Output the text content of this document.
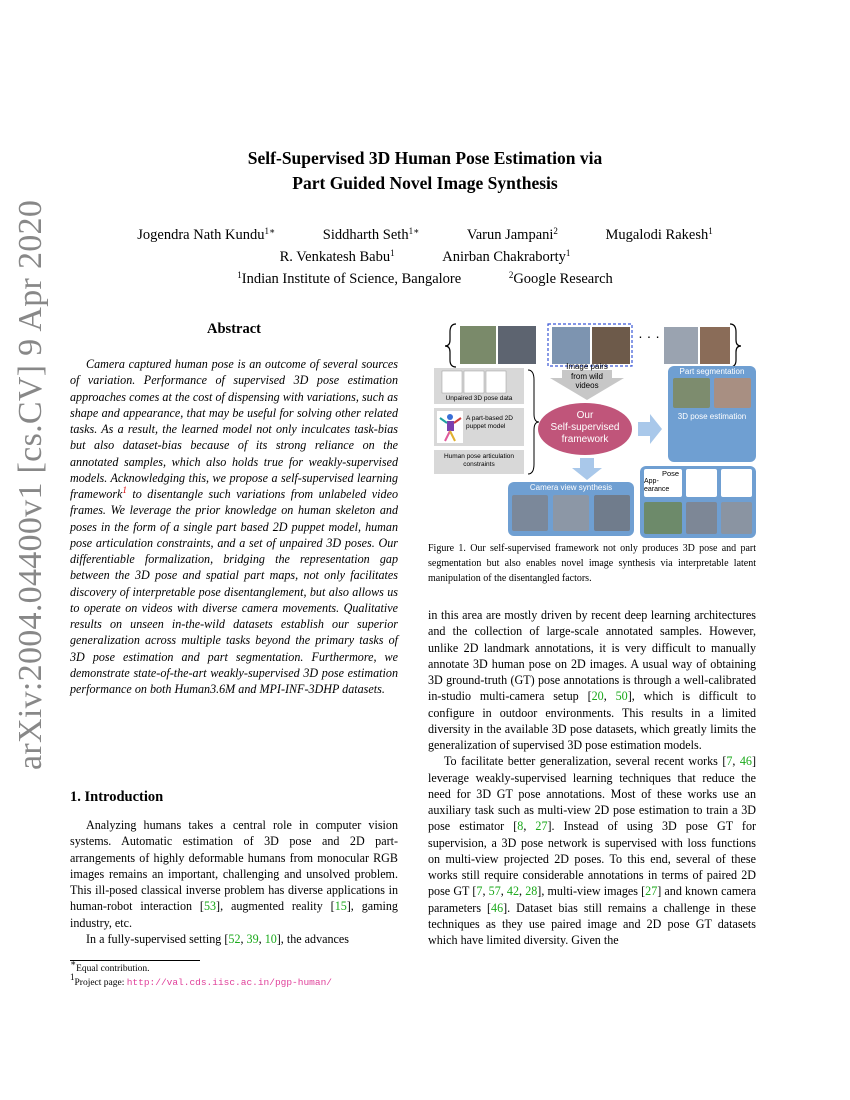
Self-Supervised 3D Human Pose Estimation via
Part Guided Novel Image Synthesis
Jogendra Nath Kundu$^{1∗}$	Siddharth Seth$^{1∗}$	Varun Jampani$^2$	Mugalodi Rakesh$^1$
R. Venkatesh Babu$^1$	Anirban Chakraborty$^1$
$^1$Indian Institute of Science, Bangalore	$^2$Google Research
arXiv:2004.04400v1 [cs.CV] 9 Apr 2020	Abstract

Camera captured human pose is an outcome of several sources of variation. Performance of supervised 3D pose estimation approaches comes at the cost of dispensing with variations, such as shape and appearance, that may be useful for solving other related tasks. As a result, the learned model not only inculcates task-bias but also dataset-bias because of its strong reliance on the annotated samples, which also holds true for weakly-supervised models. Acknowledging this, we propose a self-supervised learning framework$^1$ to disentangle such variations from unlabeled video frames. We leverage the prior knowledge on human skeleton and poses in the form of a single part based 2D puppet model, human pose articulation constraints, and a set of unpaired 3D poses. Our differentiable formalization, bridging the representation gap between the 3D pose and spatial part maps, not only facilitates discovery of interpretable pose disentanglement, but also allows us to operate on videos with diverse camera movements. Qualitative results on unseen in-the-wild datasets establish our superior generalization across multiple tasks beyond the primary tasks of 3D pose estimation and part segmentation. Furthermore, we demonstrate state-of-the-art weakly-supervised 3D pose estimation performance on both Human3.6M and MPI-INF-3DHP datasets.

1. Introduction

Analyzing humans takes a central role in computer vision systems. Automatic estimation of 3D pose and 2D part-arrangements of highly deformable humans from monocular RGB images remains an important, challenging and unsolved problem. This ill-posed classical inverse problem has diverse applications in human-robot interaction [53], augmented reality [15], gaming industry, etc.

In a fully-supervised setting [52, 39, 10], the advances

∗Equal contribution.
$^1$Project page: http://val.cds.iisc.ac.in/pgp-human/
· · ·
Image pairs from wild videos
Unpaired 3D pose data
A part-based 2D puppet model
Human pose articulation constraints
Our
Self-supervised
framework
Part segmentation
3D pose estimation
Camera view synthesis
Pose
App-
earance
Figure 1. Our self-supervised framework not only produces 3D pose and part segmentation but also enables novel image synthesis via interpretable latent manipulation of the disentangled factors.

in this area are mostly driven by recent deep learning architectures and the collection of large-scale annotated samples. However, unlike 2D landmark annotations, it is very difficult to manually annotate 3D human pose on 2D images. A usual way of obtaining 3D ground-truth (GT) pose annotations is through a well-calibrated in-studio multi-camera setup [20, 50], which is difficult to configure in outdoor environments. This results in a limited diversity in the available 3D pose datasets, which greatly limits the generalization of supervised 3D pose estimation models.

To facilitate better generalization, several recent works [7, 46] leverage weakly-supervised learning techniques that reduce the need for 3D GT pose annotations. Most of these works use an auxiliary task such as multi-view 2D pose estimation to train a 3D pose estimator [8, 27]. Instead of using 3D pose GT for supervision, a 3D pose network is supervised with loss functions on multi-view projected 2D poses. To this end, several of these works still require considerable annotations in terms of paired 2D pose GT [7, 57, 42, 28], multi-view images [27] and known camera parameters [46]. Dataset bias still remains a challenge in these techniques as they use paired image and 2D pose GT datasets which have limited diversity. Given the
